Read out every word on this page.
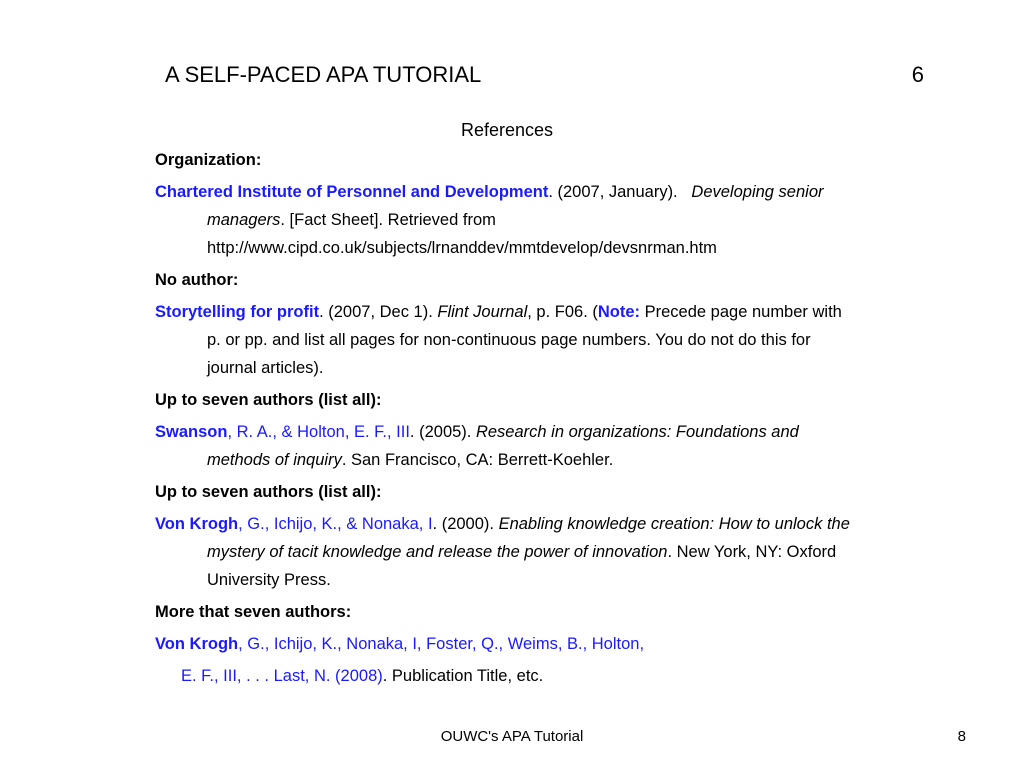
A SELF-PACED APA TUTORIAL	6
References
Organization:
Chartered Institute of Personnel and Development. (2007, January).   Developing senior
managers. [Fact Sheet]. Retrieved from
http://www.cipd.co.uk/subjects/lrnanddev/mmtdevelop/devsnrman.htm
No author:
Storytelling for profit. (2007, Dec 1). Flint Journal, p. F06. (Note: Precede page number with
p. or pp. and list all pages for non-continuous page numbers. You do not do this for
journal articles).
Up to seven authors (list all):
Swanson, R. A., & Holton, E. F., III. (2005). Research in organizations: Foundations and
methods of inquiry. San Francisco, CA: Berrett-Koehler.
Up to seven authors (list all):
Von Krogh, G., Ichijo, K., & Nonaka, I. (2000). Enabling knowledge creation: How to unlock the
mystery of tacit knowledge and release the power of innovation. New York, NY: Oxford
University Press.
More that seven authors:
Von Krogh, G., Ichijo, K., Nonaka, I, Foster, Q., Weims, B., Holton,
E. F., III, . . . Last, N. (2008). Publication Title, etc.
OUWC's APA Tutorial	8
